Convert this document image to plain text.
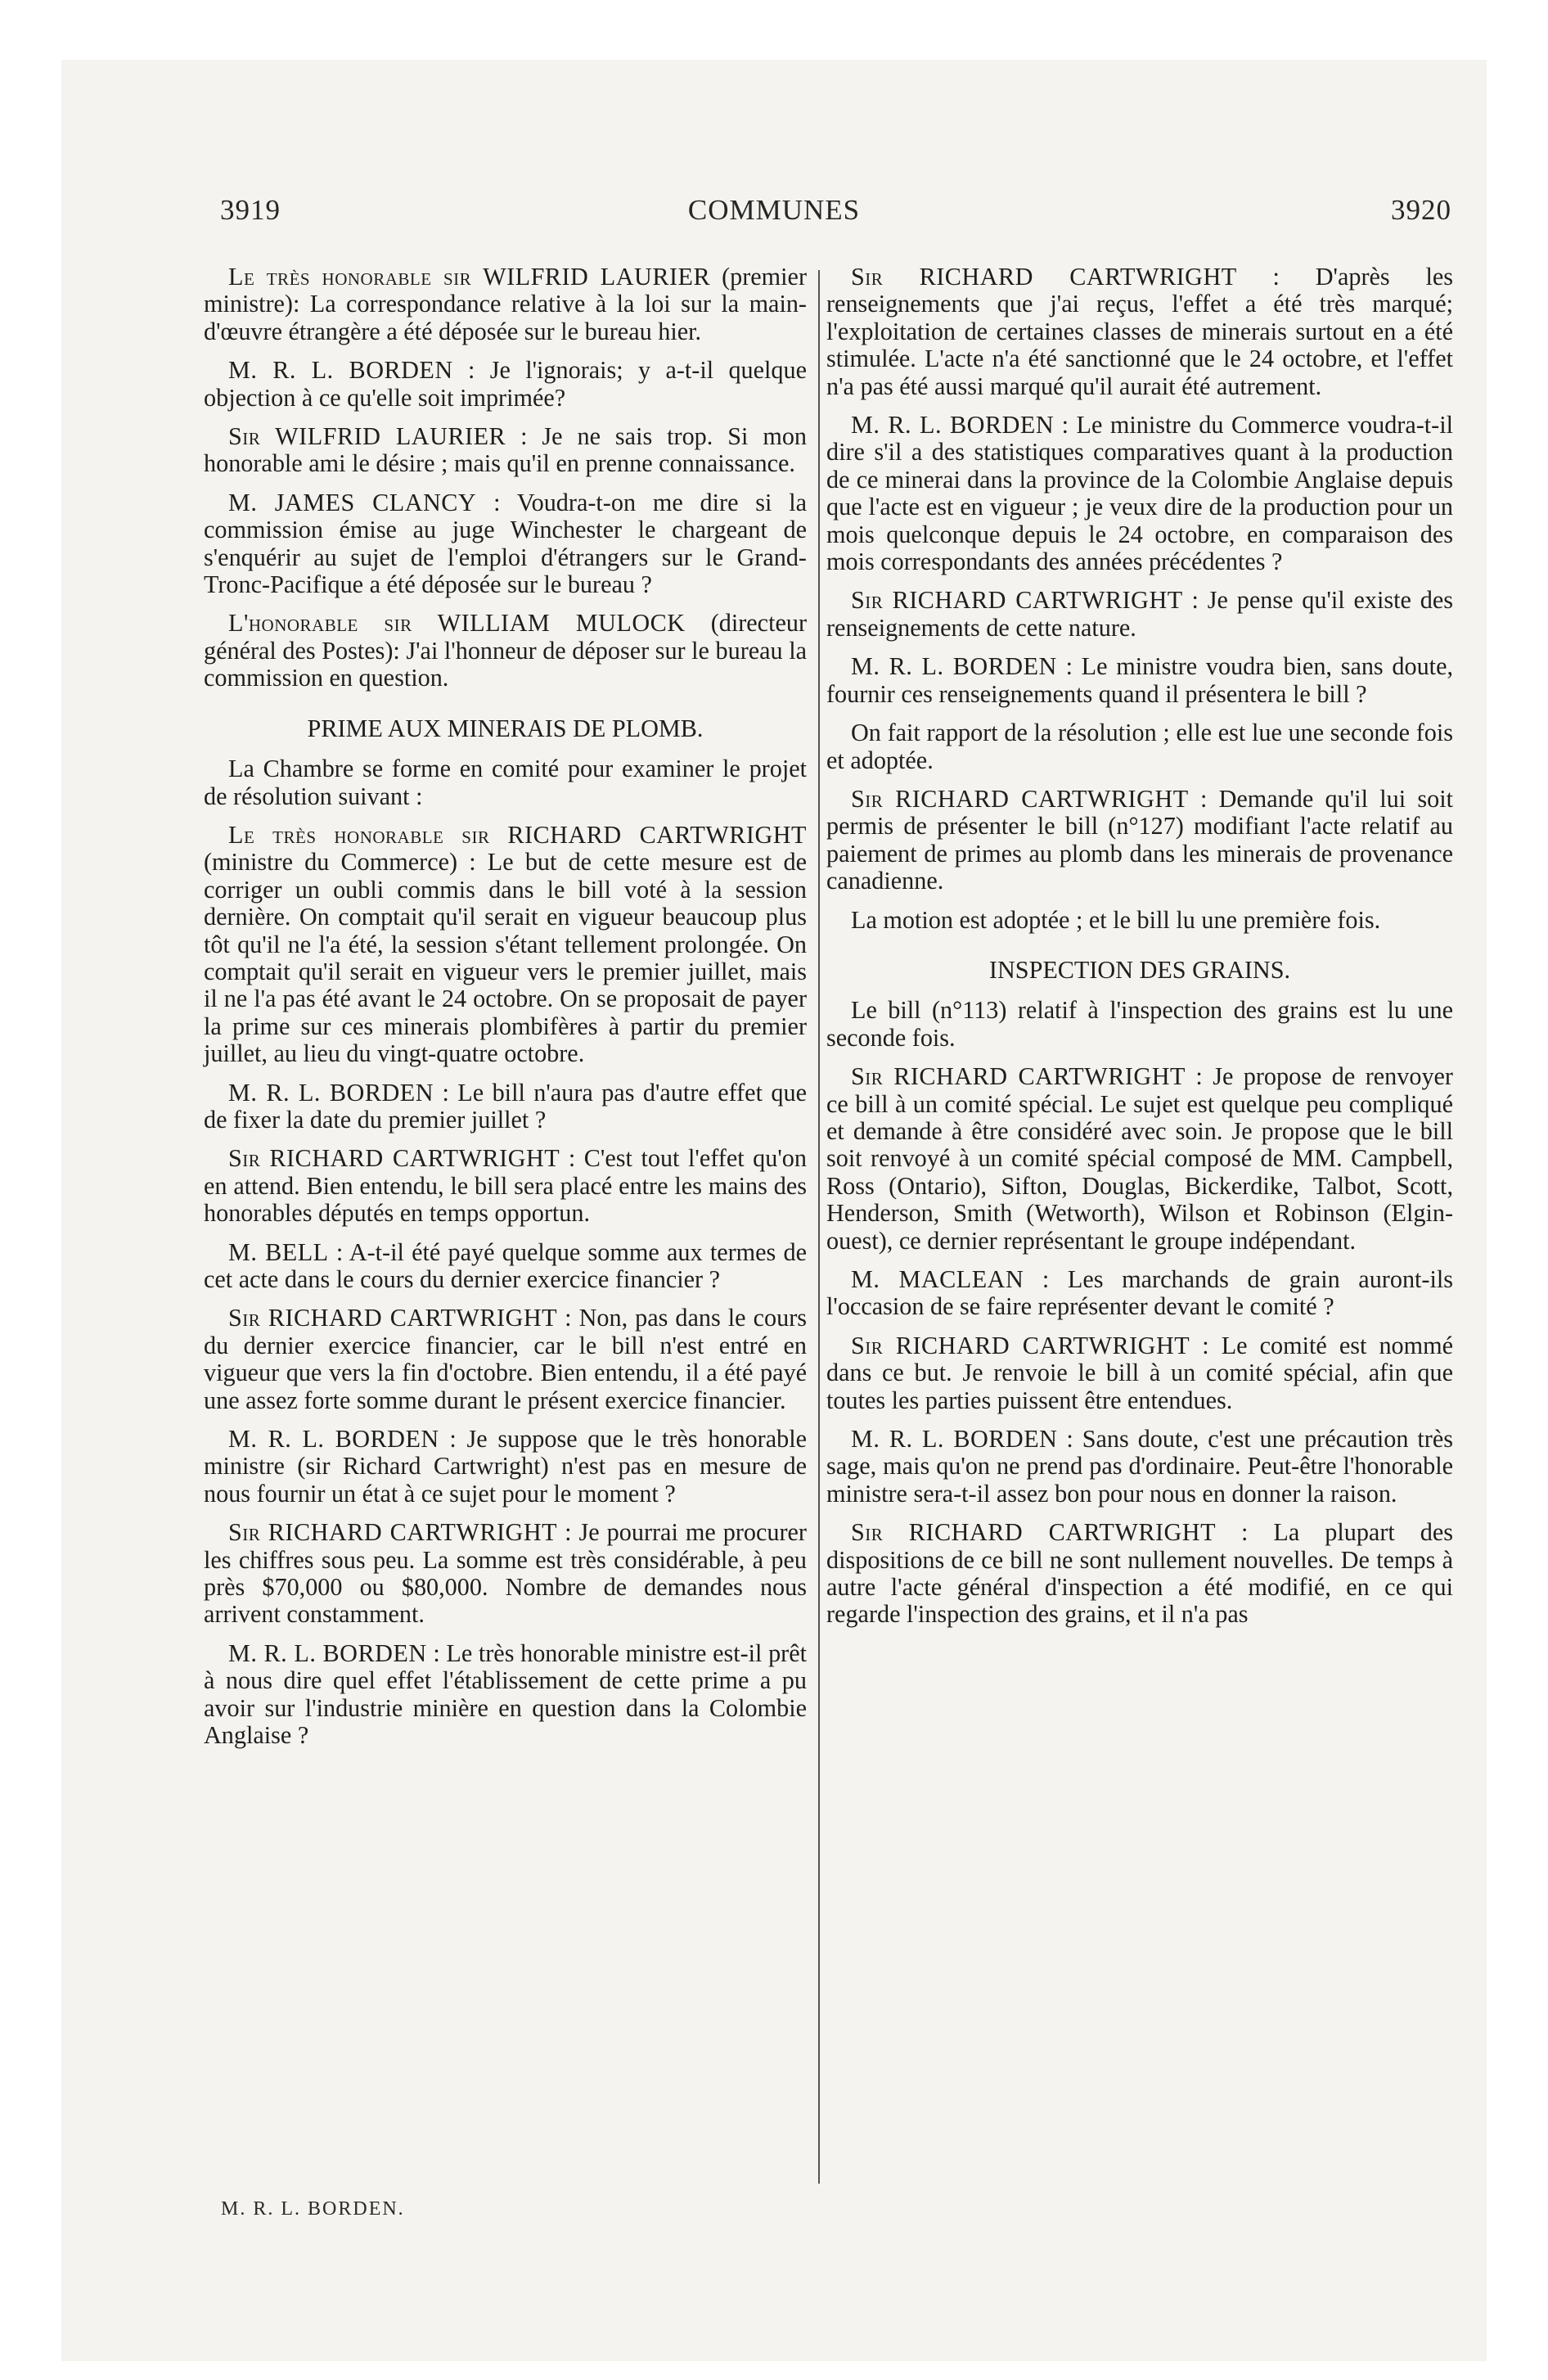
3919	COMMUNES	3920

Le très honorable sir WILFRID LAURIER (premier ministre): La correspondance relative à la loi sur la main-d'œuvre étrangère a été déposée sur le bureau hier.

M. R. L. BORDEN : Je l'ignorais; y a-t-il quelque objection à ce qu'elle soit imprimée?

Sir WILFRID LAURIER : Je ne sais trop. Si mon honorable ami le désire ; mais qu'il en prenne connaissance.

M. JAMES CLANCY : Voudra-t-on me dire si la commission émise au juge Winchester le chargeant de s'enquérir au sujet de l'emploi d'étrangers sur le Grand-Tronc-Pacifique a été déposée sur le bureau ?

L'honorable sir WILLIAM MULOCK (directeur général des Postes): J'ai l'honneur de déposer sur le bureau la commission en question.

PRIME AUX MINERAIS DE PLOMB.

La Chambre se forme en comité pour examiner le projet de résolution suivant :

Le très honorable sir RICHARD CARTWRIGHT (ministre du Commerce) : Le but de cette mesure est de corriger un oubli commis dans le bill voté à la session dernière. On comptait qu'il serait en vigueur beaucoup plus tôt qu'il ne l'a été, la session s'étant tellement prolongée. On comptait qu'il serait en vigueur vers le premier juillet, mais il ne l'a pas été avant le 24 octobre. On se proposait de payer la prime sur ces minerais plombifères à partir du premier juillet, au lieu du vingt-quatre octobre.

M. R. L. BORDEN : Le bill n'aura pas d'autre effet que de fixer la date du premier juillet ?

Sir RICHARD CARTWRIGHT : C'est tout l'effet qu'on en attend. Bien entendu, le bill sera placé entre les mains des honorables députés en temps opportun.

M. BELL : A-t-il été payé quelque somme aux termes de cet acte dans le cours du dernier exercice financier ?

Sir RICHARD CARTWRIGHT : Non, pas dans le cours du dernier exercice financier, car le bill n'est entré en vigueur que vers la fin d'octobre. Bien entendu, il a été payé une assez forte somme durant le présent exercice financier.

M. R. L. BORDEN : Je suppose que le très honorable ministre (sir Richard Cartwright) n'est pas en mesure de nous fournir un état à ce sujet pour le moment ?

Sir RICHARD CARTWRIGHT : Je pourrai me procurer les chiffres sous peu. La somme est très considérable, à peu près $70,000 ou $80,000. Nombre de demandes nous arrivent constamment.

M. R. L. BORDEN : Le très honorable ministre est-il prêt à nous dire quel effet l'établissement de cette prime a pu avoir sur l'industrie minière en question dans la Colombie Anglaise ?

Sir RICHARD CARTWRIGHT : D'après les renseignements que j'ai reçus, l'effet a été très marqué; l'exploitation de certaines classes de minerais surtout en a été stimulée. L'acte n'a été sanctionné que le 24 octobre, et l'effet n'a pas été aussi marqué qu'il aurait été autrement.

M. R. L. BORDEN : Le ministre du Commerce voudra-t-il dire s'il a des statistiques comparatives quant à la production de ce minerai dans la province de la Colombie Anglaise depuis que l'acte est en vigueur ; je veux dire de la production pour un mois quelconque depuis le 24 octobre, en comparaison des mois correspondants des années précédentes ?

Sir RICHARD CARTWRIGHT : Je pense qu'il existe des renseignements de cette nature.

M. R. L. BORDEN : Le ministre voudra bien, sans doute, fournir ces renseignements quand il présentera le bill ?

On fait rapport de la résolution ; elle est lue une seconde fois et adoptée.

Sir RICHARD CARTWRIGHT : Demande qu'il lui soit permis de présenter le bill (n°127) modifiant l'acte relatif au paiement de primes au plomb dans les minerais de provenance canadienne.

La motion est adoptée ; et le bill lu une première fois.

INSPECTION DES GRAINS.

Le bill (n°113) relatif à l'inspection des grains est lu une seconde fois.

Sir RICHARD CARTWRIGHT : Je propose de renvoyer ce bill à un comité spécial. Le sujet est quelque peu compliqué et demande à être considéré avec soin. Je propose que le bill soit renvoyé à un comité spécial composé de MM. Campbell, Ross (Ontario), Sifton, Douglas, Bickerdike, Talbot, Scott, Henderson, Smith (Wetworth), Wilson et Robinson (Elgin-ouest), ce dernier représentant le groupe indépendant.

M. MACLEAN : Les marchands de grain auront-ils l'occasion de se faire représenter devant le comité ?

Sir RICHARD CARTWRIGHT : Le comité est nommé dans ce but. Je renvoie le bill à un comité spécial, afin que toutes les parties puissent être entendues.

M. R. L. BORDEN : Sans doute, c'est une précaution très sage, mais qu'on ne prend pas d'ordinaire. Peut-être l'honorable ministre sera-t-il assez bon pour nous en donner la raison.

Sir RICHARD CARTWRIGHT : La plupart des dispositions de ce bill ne sont nullement nouvelles. De temps à autre l'acte général d'inspection a été modifié, en ce qui regarde l'inspection des grains, et il n'a pas

M. R. L. BORDEN.
